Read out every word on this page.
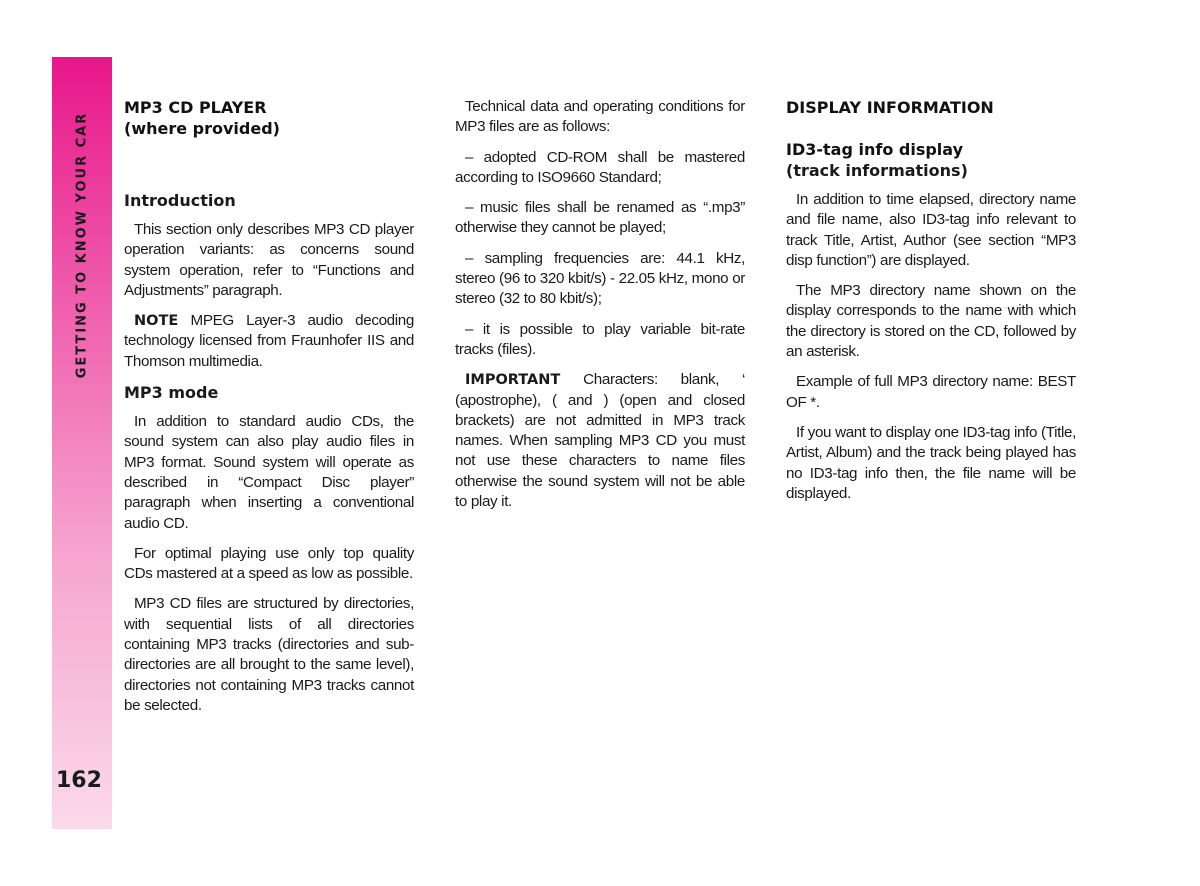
GETTING TO KNOW YOUR CAR
162
MP3 CD PLAYER
(where provided)
Introduction

This section only describes MP3 CD player operation variants: as concerns sound system operation, refer to “Functions and Adjustments” paragraph.

NOTE MPEG Layer-3 audio decoding technology licensed from Fraunhofer IIS and Thomson multimedia.

MP3 mode

In addition to standard audio CDs, the sound system can also play audio files in MP3 format. Sound system will operate as described in “Compact Disc player” paragraph when inserting a conventional audio CD.

For optimal playing use only top quality CDs mastered at a speed as low as possible.

MP3 CD files are structured by directories, with sequential lists of all directories containing MP3 tracks (directories and sub-directories are all brought to the same level), directories not containing MP3 tracks cannot be selected.

Technical data and operating conditions for MP3 files are as follows:

– adopted CD-ROM shall be mastered according to ISO9660 Standard;

– music files shall be renamed as “.mp3” otherwise they cannot be played;

– sampling frequencies are: 44.1 kHz, stereo (96 to 320 kbit/s) - 22.05 kHz, mono or stereo (32 to 80 kbit/s);

– it is possible to play variable bit-rate tracks (files).

IMPORTANT Characters: blank, ‘ (apostrophe), ( and ) (open and closed brackets) are not admitted in MP3 track names. When sampling MP3 CD you must not use these characters to name files otherwise the sound system will not be able to play it.

DISPLAY INFORMATION
ID3-tag info display
(track informations)

In addition to time elapsed, directory name and file name, also ID3-tag info relevant to track Title, Artist, Author (see section “MP3 disp function”) are displayed.

The MP3 directory name shown on the display corresponds to the name with which the directory is stored on the CD, followed by an asterisk.

Example of full MP3 directory name: BEST OF *.

If you want to display one ID3-tag info (Title, Artist, Album) and the track being played has no ID3-tag info then, the file name will be displayed.
